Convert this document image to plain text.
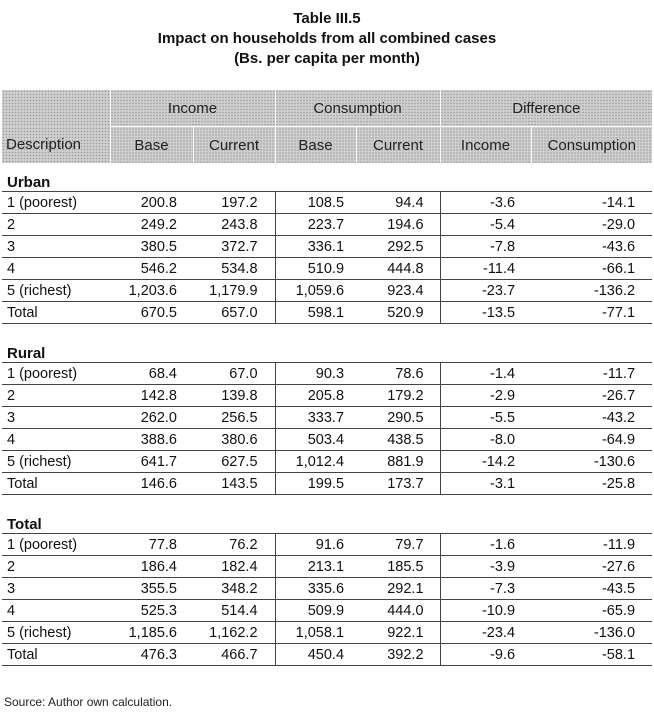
Table III.5
Impact on households from all combined cases
(Bs. per capita per month)
	Income		Consumption		Difference	
Description	Base	Current	Base	Current	Income	Consumption

Urban						
1 (poorest)	200.8	197.2	108.5	94.4	-3.6	-14.1
2	249.2	243.8	223.7	194.6	-5.4	-29.0
3	380.5	372.7	336.1	292.5	-7.8	-43.6
4	546.2	534.8	510.9	444.8	-11.4	-66.1
5 (richest)	1,203.6	1,179.9	1,059.6	923.4	-23.7	-136.2
Total	670.5	657.0	598.1	520.9	-13.5	-77.1

Rural						
1 (poorest)	68.4	67.0	90.3	78.6	-1.4	-11.7
2	142.8	139.8	205.8	179.2	-2.9	-26.7
3	262.0	256.5	333.7	290.5	-5.5	-43.2
4	388.6	380.6	503.4	438.5	-8.0	-64.9
5 (richest)	641.7	627.5	1,012.4	881.9	-14.2	-130.6
Total	146.6	143.5	199.5	173.7	-3.1	-25.8

Total						
1 (poorest)	77.8	76.2	91.6	79.7	-1.6	-11.9
2	186.4	182.4	213.1	185.5	-3.9	-27.6
3	355.5	348.2	335.6	292.1	-7.3	-43.5
4	525.3	514.4	509.9	444.0	-10.9	-65.9
5 (richest)	1,185.6	1,162.2	1,058.1	922.1	-23.4	-136.0
Total	476.3	466.7	450.4	392.2	-9.6	-58.1
Source: Author own calculation.
